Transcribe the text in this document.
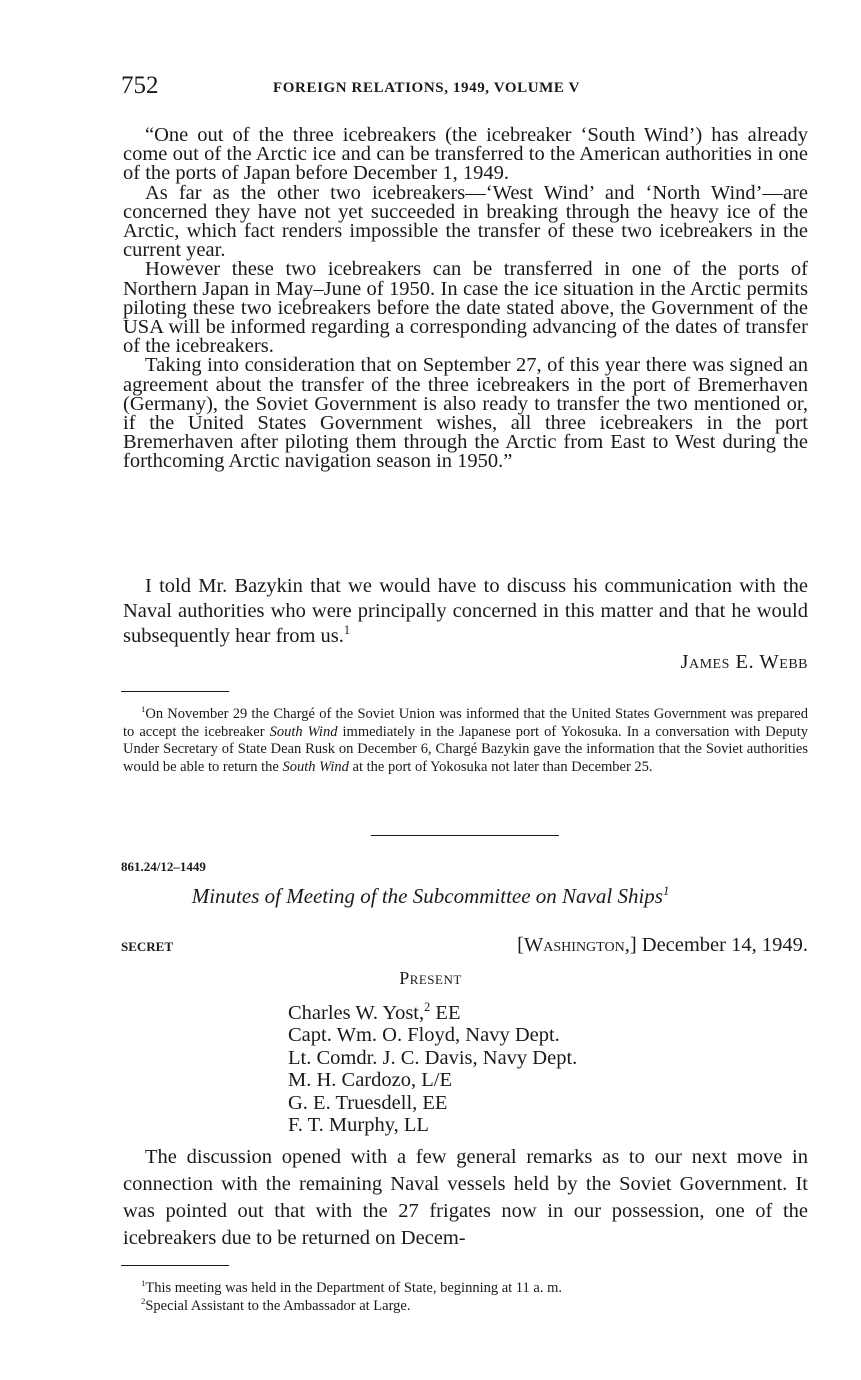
752	FOREIGN RELATIONS, 1949, VOLUME V

“One out of the three icebreakers (the icebreaker ‘South Wind’) has already come out of the Arctic ice and can be transferred to the American authorities in one of the ports of Japan before December 1, 1949.

As far as the other two icebreakers—‘West Wind’ and ‘North Wind’—are concerned they have not yet succeeded in breaking through the heavy ice of the Arctic, which fact renders impossible the transfer of these two icebreakers in the current year.

However these two icebreakers can be transferred in one of the ports of Northern Japan in May–June of 1950. In case the ice situation in the Arctic permits piloting these two icebreakers before the date stated above, the Government of the USA will be informed regarding a corresponding advancing of the dates of transfer of the icebreakers.

Taking into consideration that on September 27, of this year there was signed an agreement about the transfer of the three icebreakers in the port of Bremerhaven (Germany), the Soviet Government is also ready to transfer the two mentioned or, if the United States Government wishes, all three icebreakers in the port Bremerhaven after piloting them through the Arctic from East to West during the forthcoming Arctic navigation season in 1950.”

I told Mr. Bazykin that we would have to discuss his communication with the Naval authorities who were principally concerned in this matter and that he would subsequently hear from us.$^1$

James E. Webb

$^1$On November 29 the Chargé of the Soviet Union was informed that the United States Government was prepared to accept the icebreaker South Wind immediately in the Japanese port of Yokosuka. In a conversation with Deputy Under Secretary of State Dean Rusk on December 6, Chargé Bazykin gave the information that the Soviet authorities would be able to return the South Wind at the port of Yokosuka not later than December 25.

861.24/12–1449
Minutes of Meeting of the Subcommittee on Naval Ships$^1$
SECRET	[Washington,] December 14, 1949.
Present
Charles W. Yost,$^2$ EE
Capt. Wm. O. Floyd, Navy Dept.
Lt. Comdr. J. C. Davis, Navy Dept.
M. H. Cardozo, L/E
G. E. Truesdell, EE
F. T. Murphy, LL

The discussion opened with a few general remarks as to our next move in connection with the remaining Naval vessels held by the Soviet Government. It was pointed out that with the 27 frigates now in our possession, one of the icebreakers due to be returned on Decem-

$^1$This meeting was held in the Department of State, beginning at 11 a. m.

$^2$Special Assistant to the Ambassador at Large.
